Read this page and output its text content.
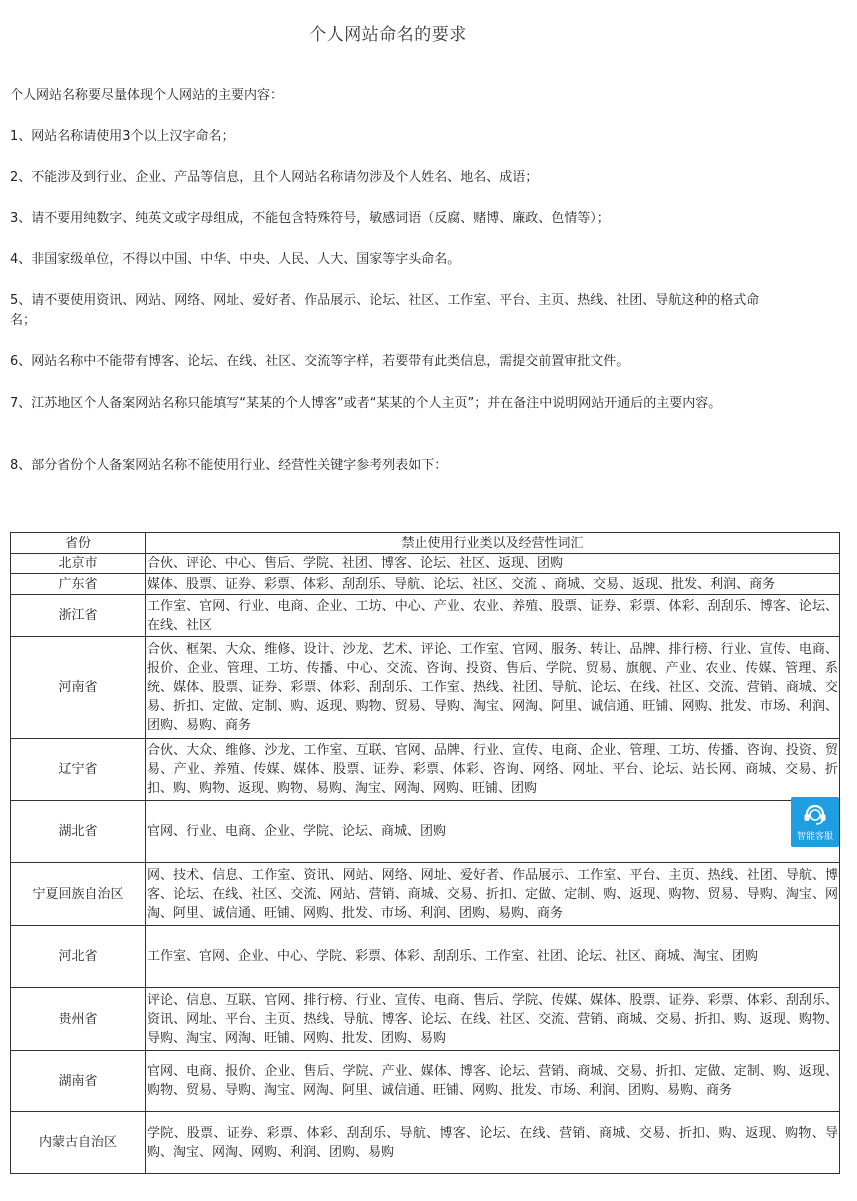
个人网站命名的要求
个人网站名称要尽量体现个人网站的主要内容：
1、网站名称请使用3个以上汉字命名；
2、不能涉及到行业、企业、产品等信息，且个人网站名称请勿涉及个人姓名、地名、成语；
3、请不要用纯数字、纯英文或字母组成，不能包含特殊符号，敏感词语（反腐、赌博、廉政、色情等）；
4、非国家级单位，不得以中国、中华、中央、人民、人大、国家等字头命名。
5、请不要使用资讯、网站、网络、网址、爱好者、作品展示、论坛、社区、工作室、平台、主页、热线、社团、导航这种的格式命名；
6、网站名称中不能带有博客、论坛、在线、社区、交流等字样，若要带有此类信息，需提交前置审批文件。
7、江苏地区个人备案网站名称只能填写“某某的个人博客”或者“某某的个人主页”；并在备注中说明网站开通后的主要内容。
8、部分省份个人备案网站名称不能使用行业、经营性关键字参考列表如下：
省份	禁止使用行业类以及经营性词汇
北京市	合伙、评论、中心、售后、学院、社团、博客、论坛、社区、返现、团购
广东省	媒体、股票、证券、彩票、体彩、刮刮乐、导航、论坛、社区、交流 、商城、交易、返现、批发、利润、商务
浙江省	工作室、官网、行业、电商、企业、工坊、中心、产业、农业、养殖、股票、证券、彩票、体彩、刮刮乐、博客、论坛、在线、社区
河南省	合伙、框架、大众、维修、设计、沙龙、艺术、评论、工作室、官网、服务、转让、品牌、排行榜、行业、宣传、电商、报价、企业、管理、工坊、传播、中心、交流、咨询、投资、售后、学院、贸易、旗舰、产业、农业、传媒、管理、系统、媒体、股票、证券、彩票、体彩、刮刮乐、工作室、热线、社团、导航、论坛、在线、社区、交流、营销、商城、交易、折扣、定做、定制、购、返现、购物、贸易、导购、淘宝、网淘、阿里、诚信通、旺铺、网购、批发、市场、利润、团购、易购、商务
辽宁省	合伙、大众、维修、沙龙、工作室、互联、官网、品牌、行业、宣传、电商、企业、管理、工坊、传播、咨询、投资、贸易、产业、养殖、传媒、媒体、股票、证券、彩票、体彩、咨询、网络、网址、平台、论坛、站长网、商城、交易、折扣、购、购物、返现、购物、易购、淘宝、网淘、网购、旺铺、团购
湖北省	官网、行业、电商、企业、学院、论坛、商城、团购
宁夏回族自治区	网、技术、信息、工作室、资讯、网站、网络、网址、爱好者、作品展示、工作室、平台、主页、热线、社团、导航、博客、论坛、在线、社区、交流、网站、营销、商城、交易、折扣、定做、定制、购、返现、购物、贸易、导购、淘宝、网淘、阿里、诚信通、旺铺、网购、批发、市场、利润、团购、易购、商务
河北省	工作室、官网、企业、中心、学院、彩票、体彩、刮刮乐、工作室、社团、论坛、社区、商城、淘宝、团购
贵州省	评论、信息、互联、官网、排行榜、行业、宣传、电商、售后、学院、传媒、媒体、股票、证券、彩票、体彩、刮刮乐、资讯、网址、平台、主页、热线、导航、博客、论坛、在线、社区、交流、营销、商城、交易、折扣、购、返现、购物、导购、淘宝、网淘、旺铺、网购、批发、团购、易购
湖南省	官网、电商、报价、企业、售后、学院、产业、媒体、博客、论坛、营销、商城、交易、折扣、定做、定制、购、返现、购物、贸易、导购、淘宝、网淘、阿里、诚信通、旺铺、网购、批发、市场、利润、团购、易购、商务
内蒙古自治区	学院、股票、证券、彩票、体彩、刮刮乐、导航、博客、论坛、在线、营销、商城、交易、折扣、购、返现、购物、导购、淘宝、网淘、网购、利润、团购、易购
智能客服
